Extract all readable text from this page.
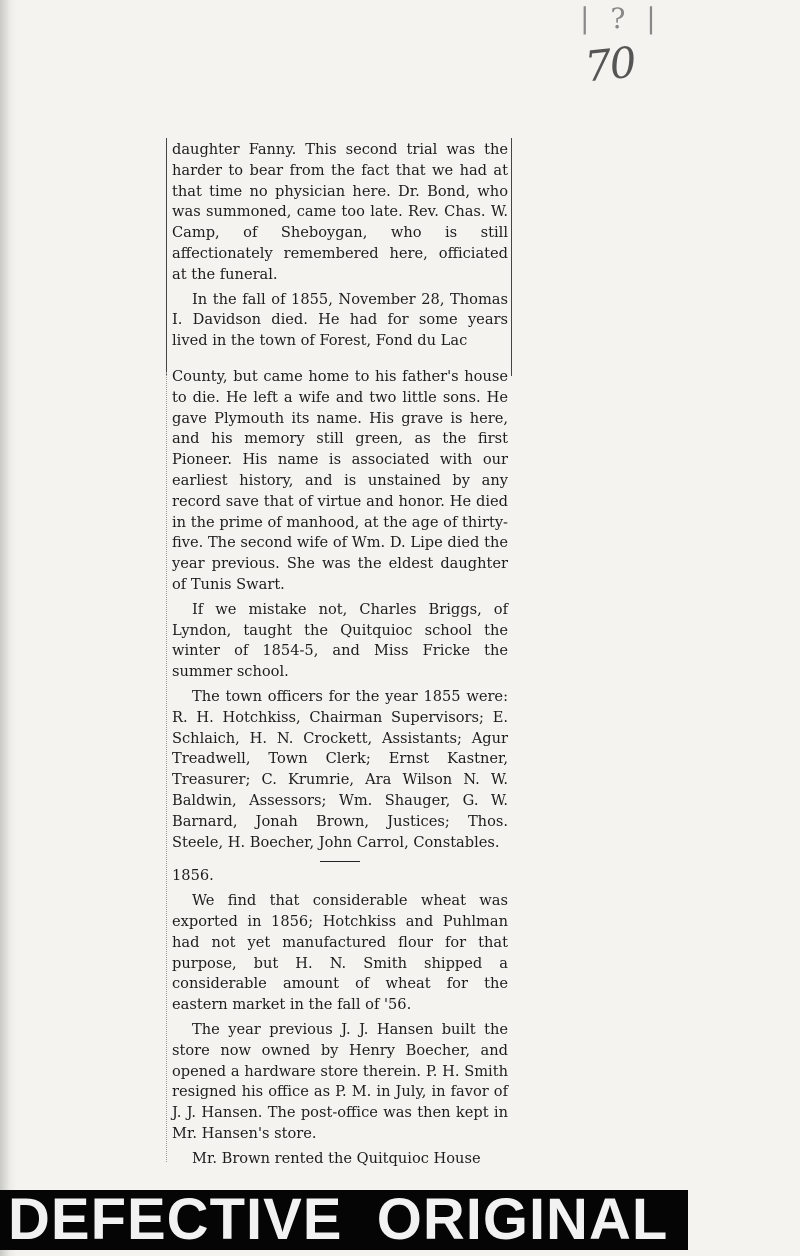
| ? |
70

daughter Fanny. This second trial was the harder to bear from the fact that we had at that time no physician here. Dr. Bond, who was summoned, came too late. Rev. Chas. W. Camp, of Sheboygan, who is still affectionately remembered here, officiated at the funeral.

In the fall of 1855, November 28, Thomas I. Davidson died. He had for some years lived in the town of Forest, Fond du Lac

County, but came home to his father's house to die. He left a wife and two little sons. He gave Plymouth its name. His grave is here, and his memory still green, as the first Pioneer. His name is associated with our earliest history, and is unstained by any record save that of virtue and honor. He died in the prime of manhood, at the age of thirty-five. The second wife of Wm. D. Lipe died the year previous. She was the eldest daughter of Tunis Swart.

If we mistake not, Charles Briggs, of Lyndon, taught the Quitquioc school the winter of 1854-5, and Miss Fricke the summer school.

The town officers for the year 1855 were: R. H. Hotchkiss, Chairman Supervisors; E. Schlaich, H. N. Crockett, Assistants; Agur Treadwell, Town Clerk; Ernst Kastner, Treasurer; C. Krumrie, Ara Wilson N. W. Baldwin, Assessors; Wm. Shauger, G. W. Barnard, Jonah Brown, Justices; Thos. Steele, H. Boecher, John Carrol, Constables.

1856.

We find that considerable wheat was exported in 1856; Hotchkiss and Puhlman had not yet manufactured flour for that purpose, but H. N. Smith shipped a considerable amount of wheat for the eastern market in the fall of '56.

The year previous J. J. Hansen built the store now owned by Henry Boecher, and opened a hardware store therein. P. H. Smith resigned his office as P. M. in July, in favor of J. J. Hansen. The post-office was then kept in Mr. Hansen's store.

Mr. Brown rented the Quitquioc House

DEFECTIVE  ORIGINAL
